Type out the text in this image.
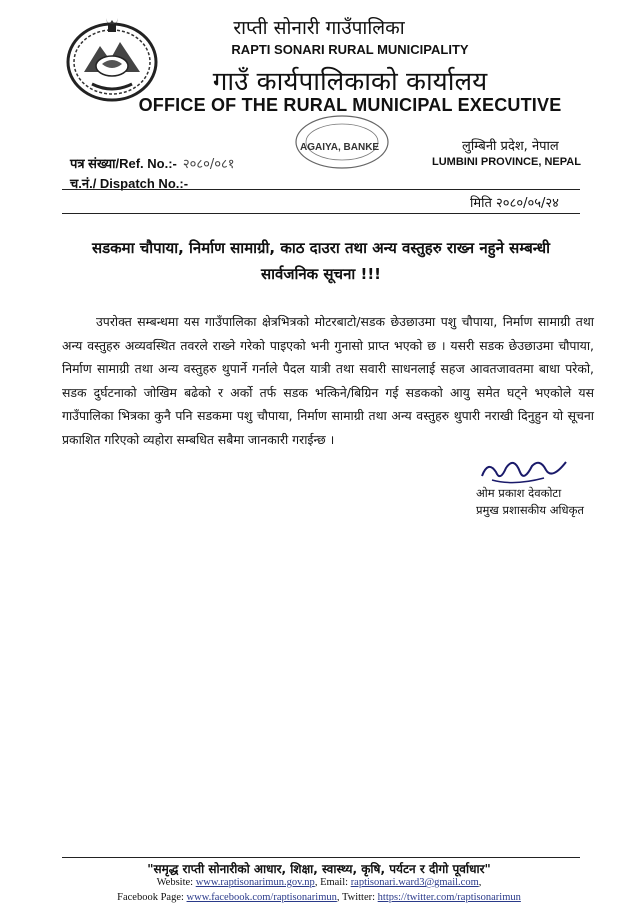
राप्ती सोनारी गाउँपालिका
RAPTI SONARI RURAL MUNICIPALITY
गाउँ कार्यपालिकाको कार्यालय
OFFICE OF THE RURAL MUNICIPAL EXECUTIVE
AGAIYA, BANKE	लुम्बिनी प्रदेश, नेपाल
LUMBINI PROVINCE, NEPAL
पत्र संख्या/Ref. No.:- २०८०/०८१
च.नं./ Dispatch No.:-
मिति २०८०/०५/२४
सडकमा चौपाया, निर्माण सामाग्री, काठ दाउरा तथा अन्य वस्तुहरु राख्न नहुने सम्बन्धी
सार्वजनिक सूचना !!!
उपरोक्त सम्बन्धमा यस गाउँपालिका क्षेत्रभित्रको मोटरबाटो/सडक छेउछाउमा पशु चौपाया, निर्माण सामाग्री तथा अन्य वस्तुहरु अव्यवस्थित तवरले राख्ने गरेको पाइएको भनी गुनासो प्राप्त भएको छ । यसरी सडक छेउछाउमा चौपाया, निर्माण सामाग्री तथा अन्य वस्तुहरु थुपार्ने गर्नाले पैदल यात्री तथा सवारी साधनलाई सहज आवतजावतमा बाधा परेको, सडक दुर्घटनाको जोखिम बढेको र अर्को तर्फ सडक भत्किने/बिग्रिन गई सडकको आयु समेत घट्ने भएकोले यस गाउँपालिका भित्रका कुनै पनि सडकमा पशु चौपाया, निर्माण सामाग्री तथा अन्य वस्तुहरु थुपारी नराखी दिनुहुन यो सूचना प्रकाशित गरिएको व्यहोरा सम्बधित सबैमा जानकारी गराईन्छ ।
ओम प्रकाश देवकोटा
प्रमुख प्रशासकीय अधिकृत
"समृद्ध राप्ती सोनारीको आधार, शिक्षा, स्वास्थ्य, कृषि, पर्यटन र दीगो पूर्वाधार"
Website: www.raptisonarimun.gov.np, Email: raptisonari.ward3@gmail.com,
Facebook Page: www.facebook.com/raptisonarimun, Twitter: https://twitter.com/raptisonarimun
